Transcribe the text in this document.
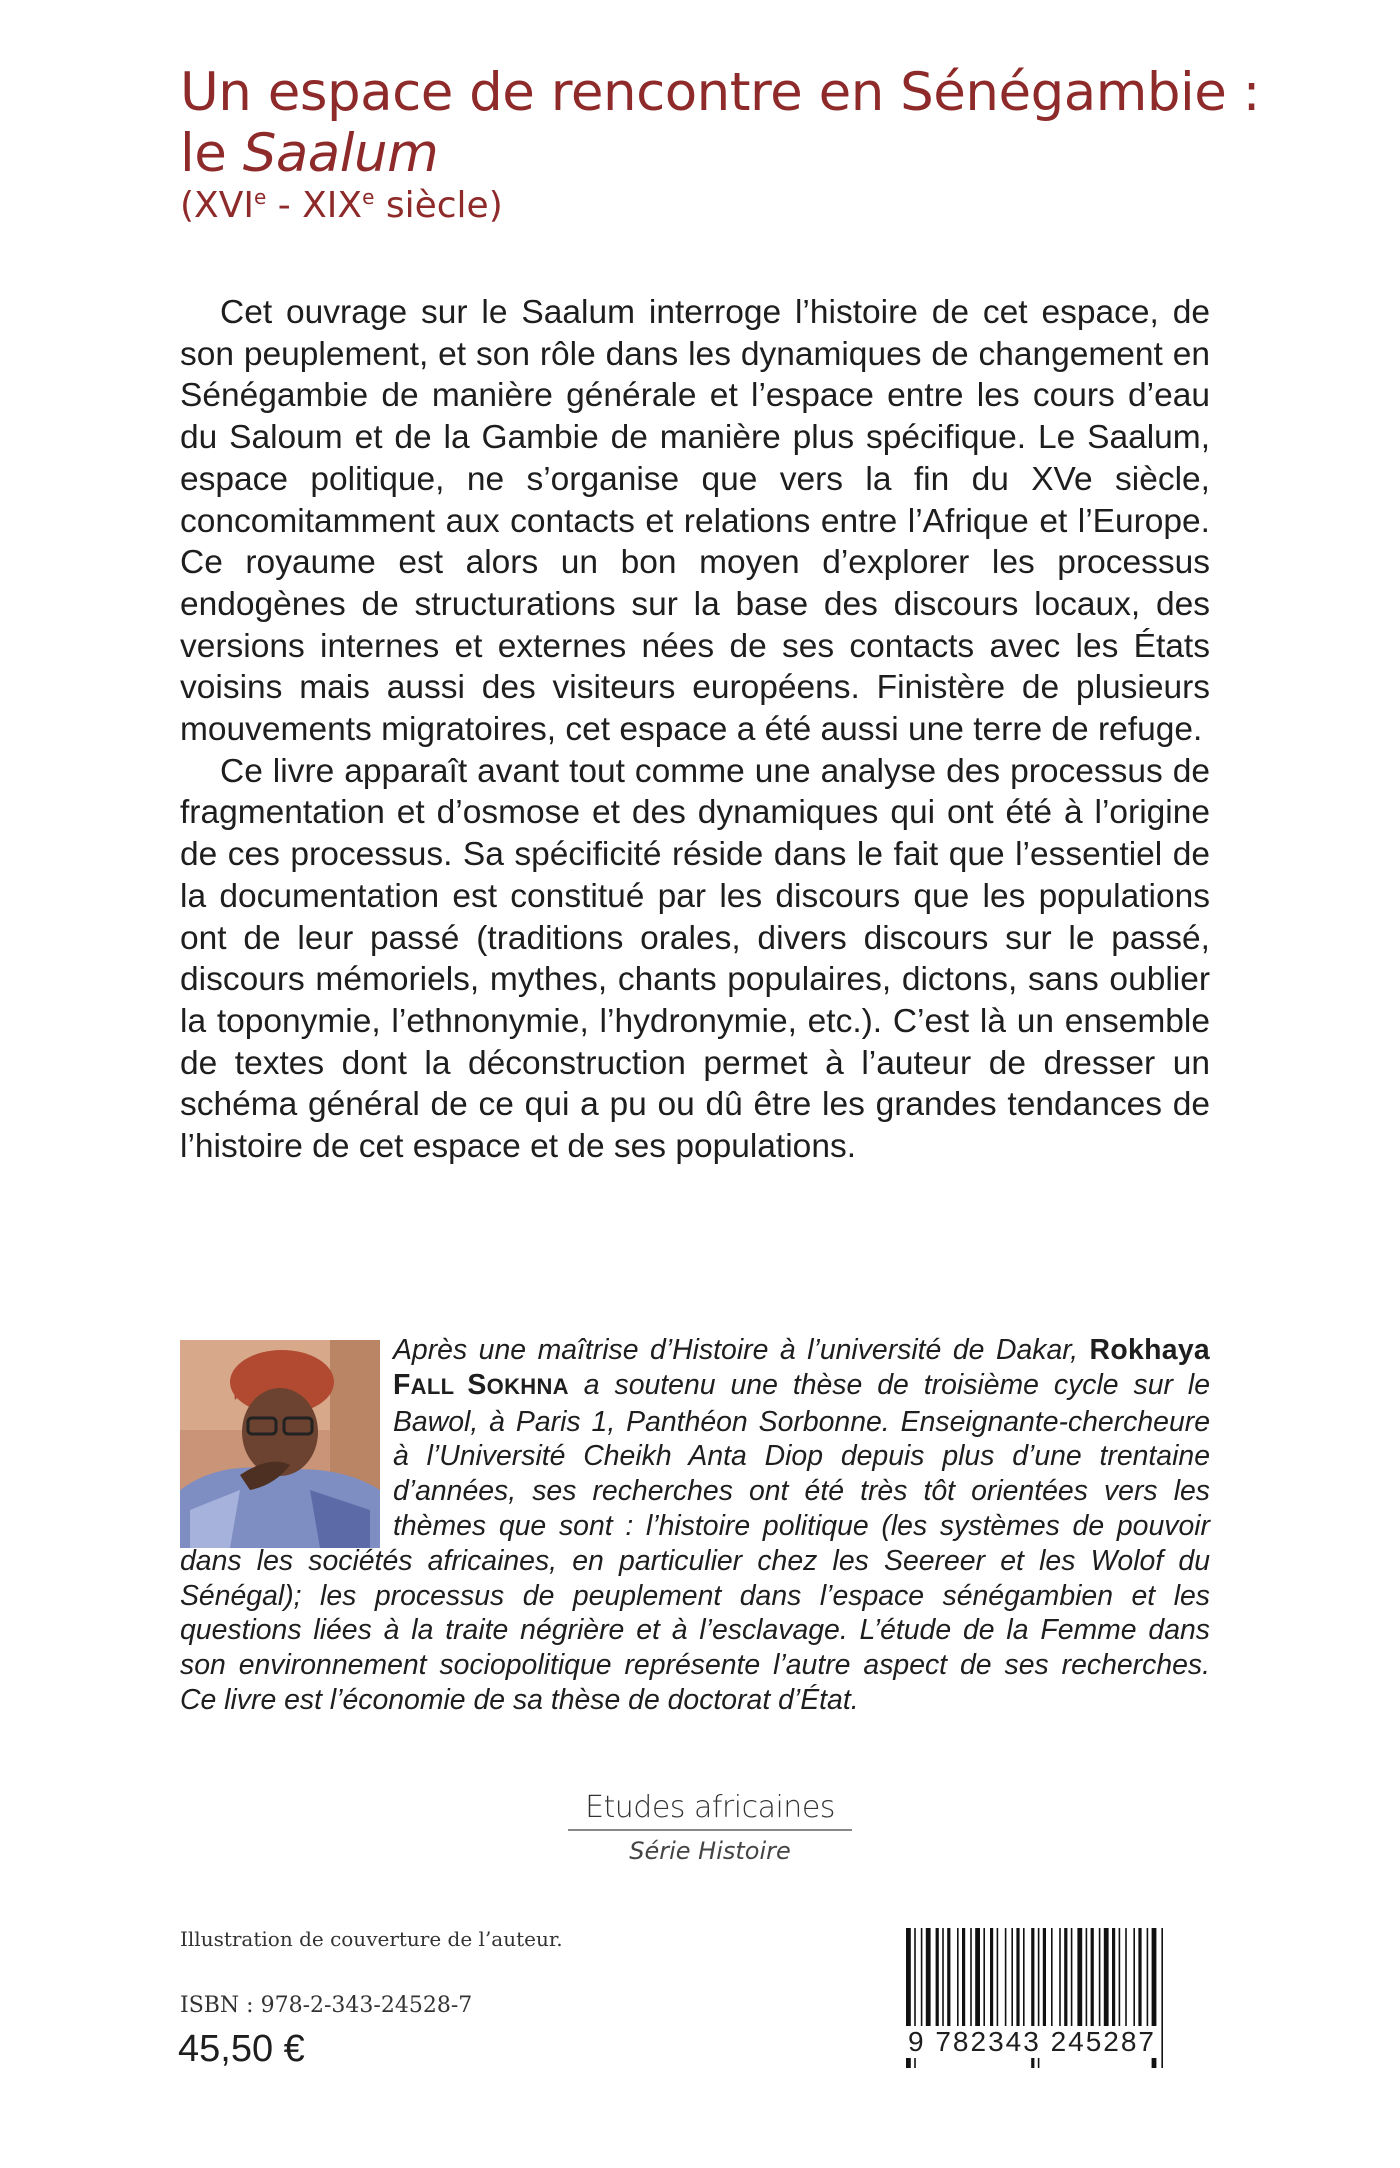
Un espace de rencontre en Sénégambie :
le Saalum
(XVIe - XIXe siècle)

Cet ouvrage sur le Saalum interroge l’histoire de cet espace, de son peuplement, et son rôle dans les dynamiques de changement en Sénégambie de manière générale et l’espace entre les cours d’eau du Saloum et de la Gambie de manière plus spécifique. Le Saalum, espace politique, ne s’organise que vers la fin du XVe siècle, concomitamment aux contacts et relations entre l’Afrique et l’Europe. Ce royaume est alors un bon moyen d’explorer les processus endogènes de structurations sur la base des discours locaux, des versions internes et externes nées de ses contacts avec les États voisins mais aussi des visiteurs européens. Finistère de plusieurs mouvements migratoires, cet espace a été aussi une terre de refuge.

Ce livre apparaît avant tout comme une analyse des processus de fragmentation et d’osmose et des dynamiques qui ont été à l’origine de ces processus. Sa spécificité réside dans le fait que l’essentiel de la documentation est constitué par les discours que les populations ont de leur passé (traditions orales, divers discours sur le passé, discours mémoriels, mythes, chants populaires, dictons, sans oublier la toponymie, l’ethnonymie, l’hydronymie, etc.). C’est là un ensemble de textes dont la déconstruction permet à l’auteur de dresser un schéma général de ce qui a pu ou dû être les grandes tendances de l’histoire de cet espace et de ses populations.

Après une maîtrise d’Histoire à l’université de Dakar, Rokhaya FALL SOKHNA a soutenu une thèse de troisième cycle sur le Bawol, à Paris 1, Panthéon Sorbonne. Enseignante-chercheure à l’Université Cheikh Anta Diop depuis plus d’une trentaine d’années, ses recherches ont été très tôt orientées vers les thèmes que sont : l’histoire politique (les systèmes de pouvoir dans les sociétés africaines, en particulier chez les Seereer et les Wolof du Sénégal); les processus de peuplement dans l’espace sénégambien et les questions liées à la traite négrière et à l’esclavage. L’étude de la Femme dans son environnement sociopolitique représente l’autre aspect de ses recherches. Ce livre est l’économie de sa thèse de doctorat d’État.
Etudes africaines
Série Histoire
Illustration de couverture de l’auteur.
ISBN : 978-2-343-24528-7
45,50 €	9 782343 245287
